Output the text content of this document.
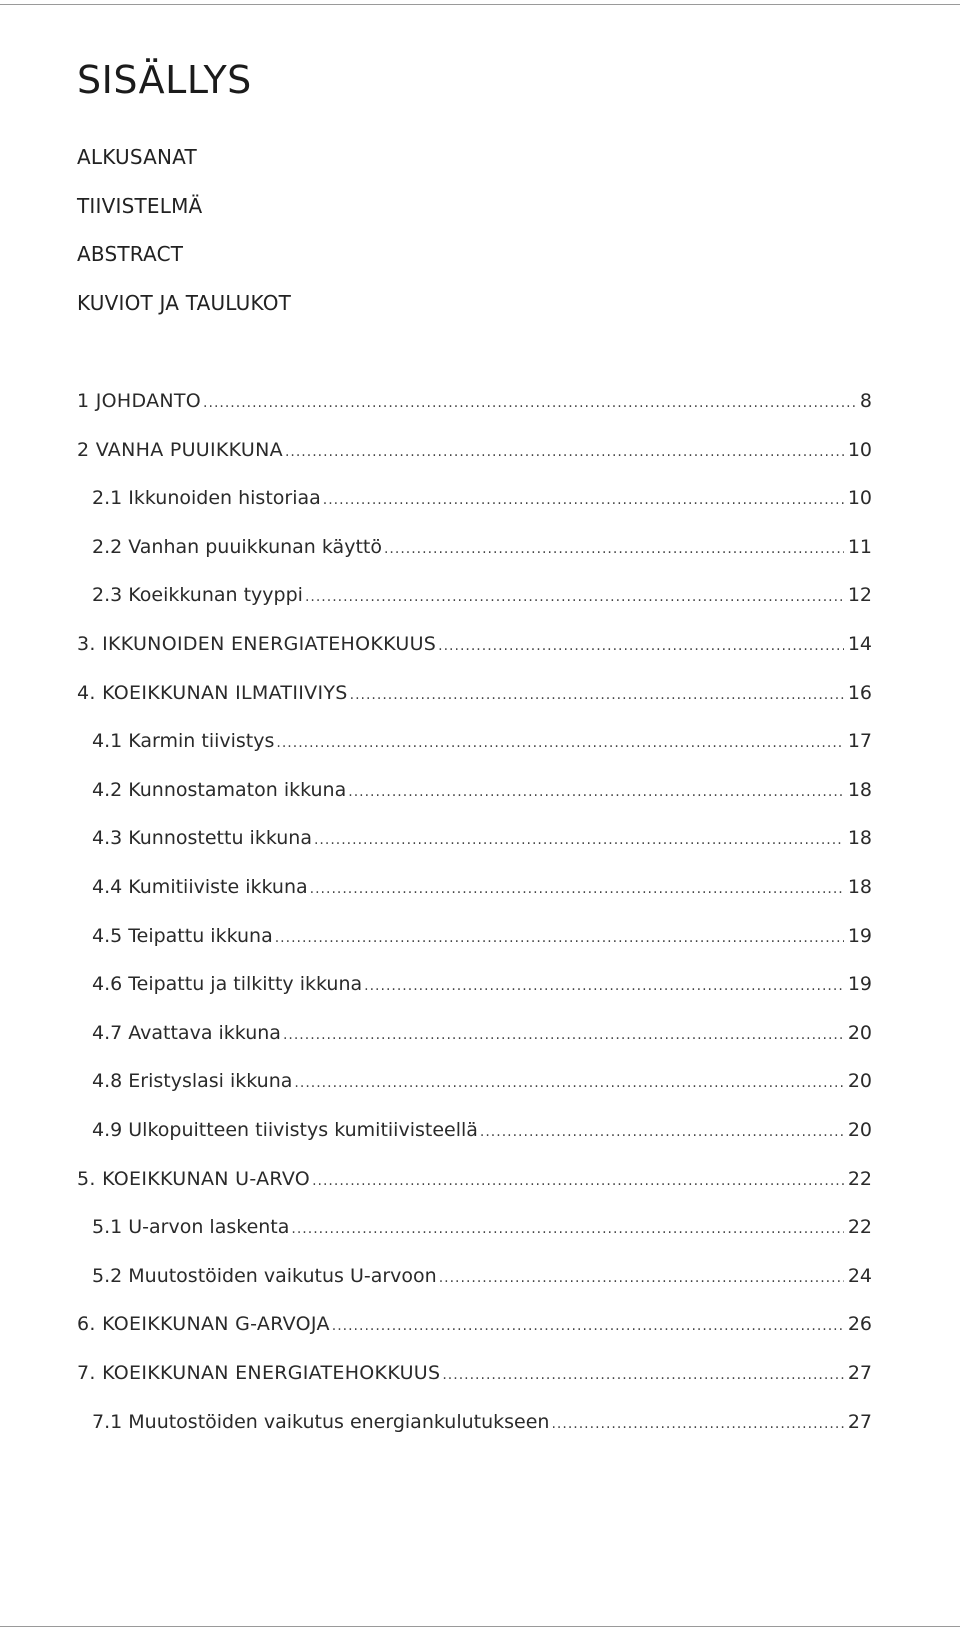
SISÄLLYS
ALKUSANAT
TIIVISTELMÄ
ABSTRACT
KUVIOT JA TAULUKOT
1 JOHDANTO .....	8
2 VANHA PUUIKKUNA .....	10
2.1 Ikkunoiden historiaa .....	10
2.2 Vanhan puuikkunan käyttö .....	11
2.3 Koeikkunan tyyppi .....	12
3. IKKUNOIDEN ENERGIATEHOKKUUS .....	14
4. KOEIKKUNAN ILMATIIVIYS .....	16
4.1 Karmin tiivistys .....	17
4.2 Kunnostamaton ikkuna .....	18
4.3 Kunnostettu ikkuna .....	18
4.4 Kumitiiviste ikkuna .....	18
4.5 Teipattu ikkuna .....	19
4.6 Teipattu ja tilkitty ikkuna .....	19
4.7 Avattava ikkuna .....	20
4.8 Eristyslasi ikkuna .....	20
4.9 Ulkopuitteen tiivistys kumitiivisteellä .....	20
5. KOEIKKUNAN U-ARVO .....	22
5.1 U-arvon laskenta .....	22
5.2 Muutostöiden vaikutus U-arvoon .....	24
6. KOEIKKUNAN G-ARVOJA .....	26
7. KOEIKKUNAN ENERGIATEHOKKUUS .....	27
7.1 Muutostöiden vaikutus energiankulutukseen .....	27
